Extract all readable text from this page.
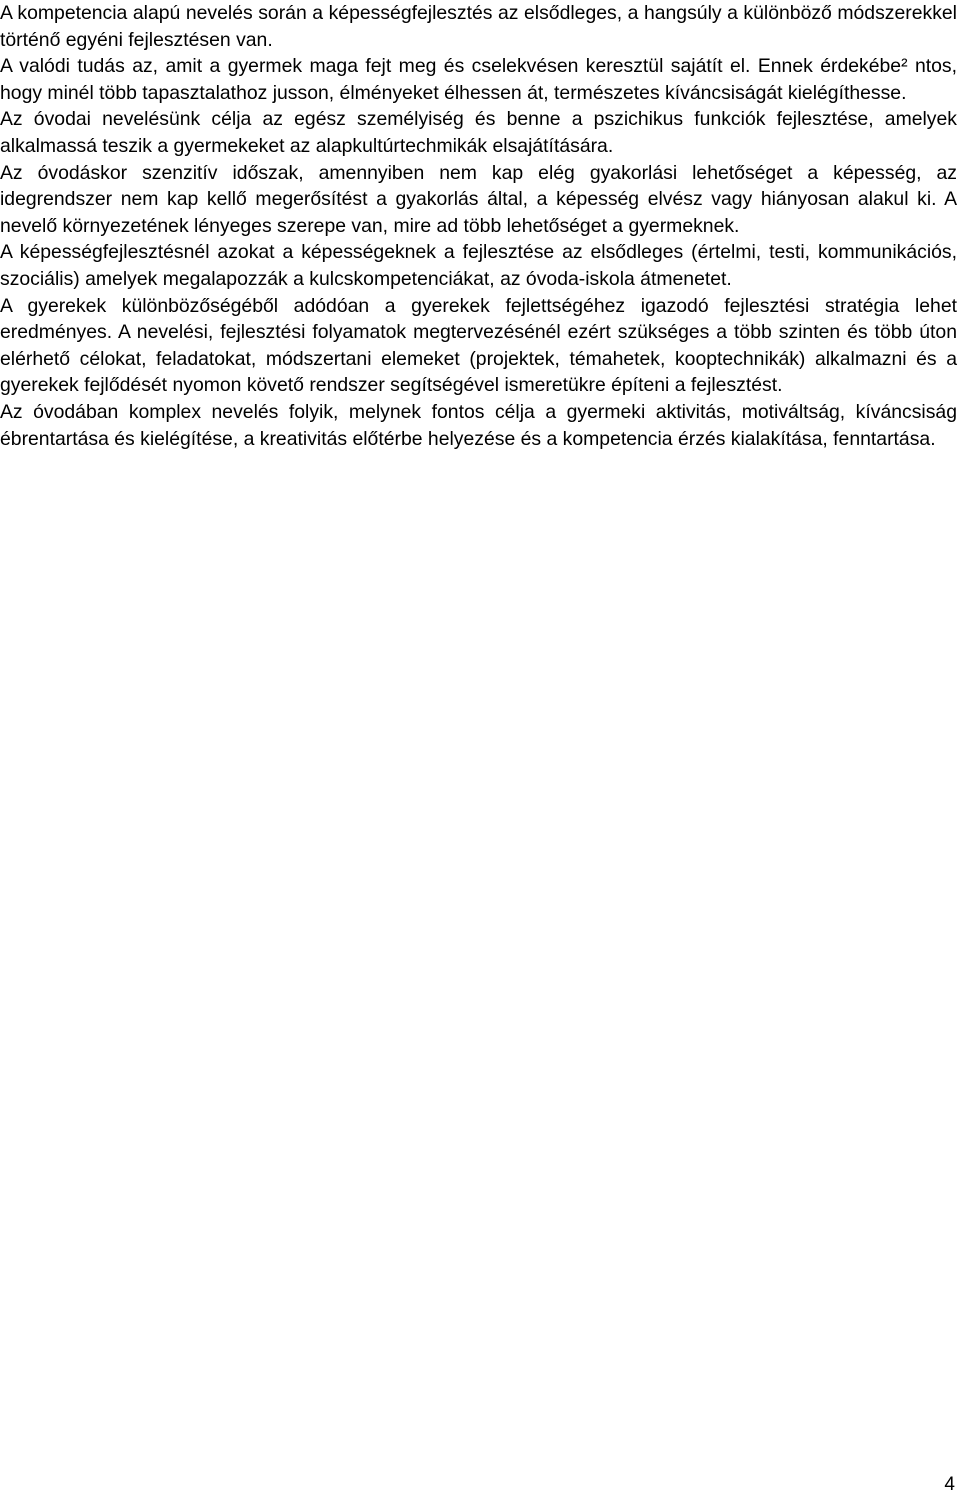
A kompetencia alapú nevelés során a képességfejlesztés az elsődleges, a hangsúly a különböző módszerekkel történő egyéni fejlesztésen van.

A valódi tudás az, amit a gyermek maga fejt meg és cselekvésen keresztül sajátít el. Ennek érdekébe² ntos, hogy minél több tapasztalathoz jusson, élményeket élhessen át, természetes kíváncsiságát kielégíthesse.

Az óvodai nevelésünk célja az egész személyiség és benne a pszichikus funkciók fejlesztése, amelyek alkalmassá teszik a gyermekeket az alapkultúrtechmikák elsajátítására.

Az óvodáskor szenzitív időszak, amennyiben nem kap elég gyakorlási lehetőséget a képesség, az idegrendszer nem kap kellő megerősítést a gyakorlás által, a képesség elvész vagy hiányosan alakul ki. A nevelő környezetének lényeges szerepe van, mire ad több lehetőséget a gyermeknek.

A képességfejlesztésnél azokat a képességeknek a fejlesztése az elsődleges (értelmi, testi, kommunikációs, szociális) amelyek megalapozzák a kulcskompetenciákat, az óvoda-iskola átmenetet.

A gyerekek különbözőségéből adódóan a gyerekek fejlettségéhez igazodó fejlesztési stratégia lehet eredményes. A nevelési, fejlesztési folyamatok megtervezésénél ezért szükséges a több szinten és több úton elérhető célokat, feladatokat, módszertani elemeket (projektek, témahetek, kooptechnikák) alkalmazni és a gyerekek fejlődését nyomon követő rendszer segítségével ismeretükre építeni a fejlesztést.

Az óvodában komplex nevelés folyik, melynek fontos célja a gyermeki aktivitás, motiváltság, kíváncsiság ébrentartása és kielégítése, a kreativitás előtérbe helyezése és a kompetencia érzés kialakítása, fenntartása.

4
